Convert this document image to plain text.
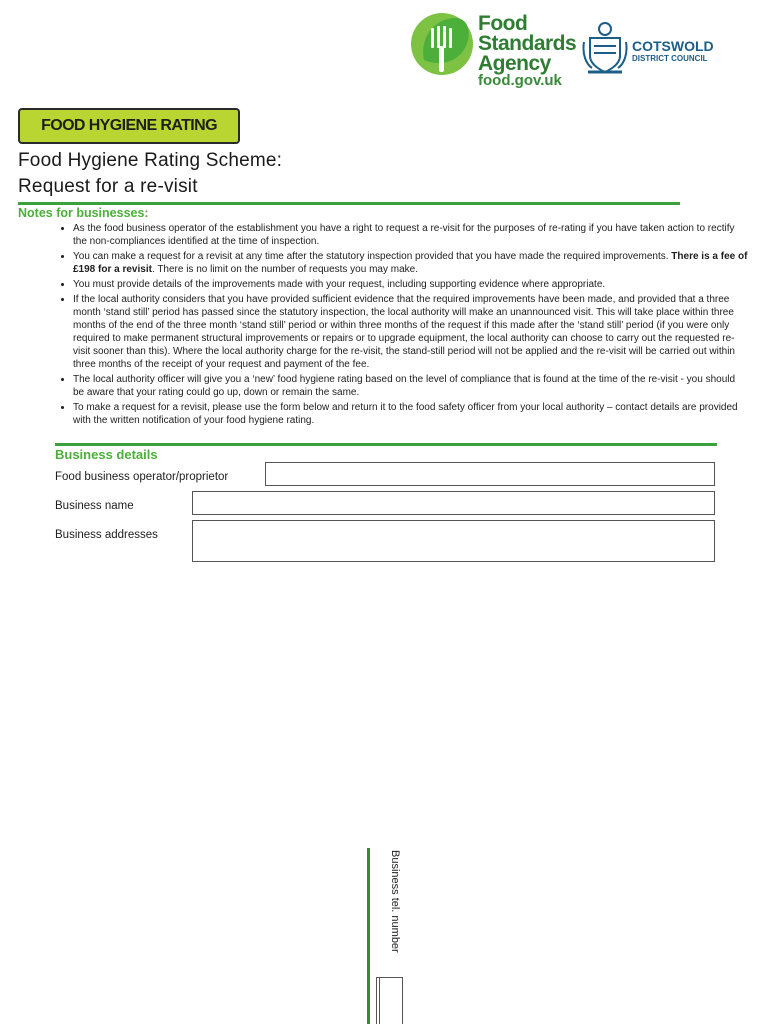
Food
Standards
Agency
food.gov.uk
COTSWOLD
DISTRICT COUNCIL
FOOD HYGIENE RATING
Food Hygiene Rating Scheme:
Request for a re-visit
Notes for businesses:
• As the food business operator of the establishment you have a right to request a re-visit for the purposes of re-rating if you have taken action to rectify the non-compliances identified at the time of inspection.
• You can make a request for a revisit at any time after the statutory inspection provided that you have made the required improvements. There is a fee of £198 for a revisit. There is no limit on the number of requests you may make.
• You must provide details of the improvements made with your request, including supporting evidence where appropriate.
• If the local authority considers that you have provided sufficient evidence that the required improvements have been made, and provided that a three month ‘stand still’ period has passed since the statutory inspection, the local authority will make an unannounced visit. This will take place within three months of the end of the three month ‘stand still’ period or within three months of the request if this made after the ‘stand still’ period (if you were only required to make permanent structural improvements or repairs or to upgrade equipment, the local authority can choose to carry out the requested re-visit sooner than this). Where the local authority charge for the re-visit, the stand-still period will not be applied and the re-visit will be carried out within three months of the receipt of your request and payment of the fee.
• The local authority officer will give you a ‘new’ food hygiene rating based on the level of compliance that is found at the time of the re-visit - you should be aware that your rating could go up, down or remain the same.
• To make a request for a revisit, please use the form below and return it to the food safety officer from your local authority – contact details are provided with the written notification of your food hygiene rating.
Business details
Food business operator/proprietor
Business name
Business addresses
Business tel. number
